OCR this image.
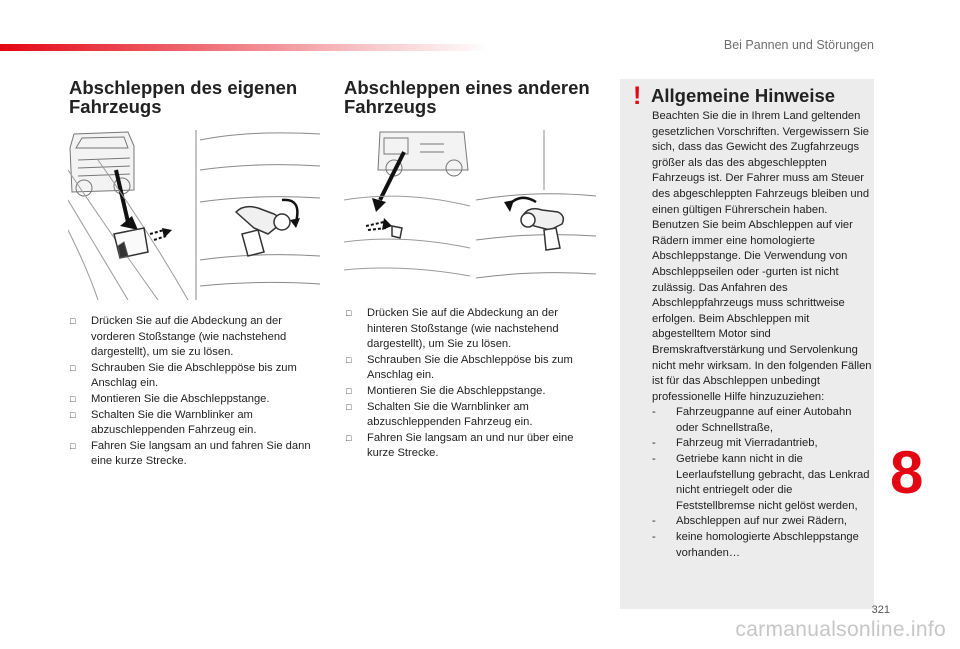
Bei Pannen und Störungen
Abschleppen des eigenen
Fahrzeugs
□ Drücken Sie auf die Abdeckung an der vorderen Stoßstange (wie nachstehend dargestellt), um sie zu lösen.
□ Schrauben Sie die Abschleppöse bis zum Anschlag ein.
□ Montieren Sie die Abschleppstange.
□ Schalten Sie die Warnblinker am abzuschleppenden Fahrzeug ein.
□ Fahren Sie langsam an und fahren Sie dann eine kurze Strecke.
Abschleppen eines anderen
Fahrzeugs
□ Drücken Sie auf die Abdeckung an der hinteren Stoßstange (wie nachstehend dargestellt), um Sie zu lösen.
□ Schrauben Sie die Abschleppöse bis zum Anschlag ein.
□ Montieren Sie die Abschleppstange.
□ Schalten Sie die Warnblinker am abzuschleppenden Fahrzeug ein.
□ Fahren Sie langsam an und nur über eine kurze Strecke.
! Allgemeine Hinweise

Beachten Sie die in Ihrem Land geltenden gesetzlichen Vorschriften. Vergewissern Sie sich, dass das Gewicht des Zugfahrzeugs größer als das des abgeschleppten Fahrzeugs ist. Der Fahrer muss am Steuer des abgeschleppten Fahrzeugs bleiben und einen gültigen Führerschein haben. Benutzen Sie beim Abschleppen auf vier Rädern immer eine homologierte Abschleppstange. Die Verwendung von Abschleppseilen oder -gurten ist nicht zulässig. Das Anfahren des Abschleppfahrzeugs muss schrittweise erfolgen. Beim Abschleppen mit abgestelltem Motor sind Bremskraftverstärkung und Servolenkung nicht mehr wirksam. In den folgenden Fällen ist für das Abschleppen unbedingt professionelle Hilfe hinzuzuziehen:

- Fahrzeugpanne auf einer Autobahn oder Schnellstraße,
- Fahrzeug mit Vierradantrieb,
- Getriebe kann nicht in die Leerlaufstellung gebracht, das Lenkrad nicht entriegelt oder die Feststellbremse nicht gelöst werden,
- Abschleppen auf nur zwei Rädern,
- keine homologierte Abschleppstange vorhanden…
8
321
carmanualsonline.info
